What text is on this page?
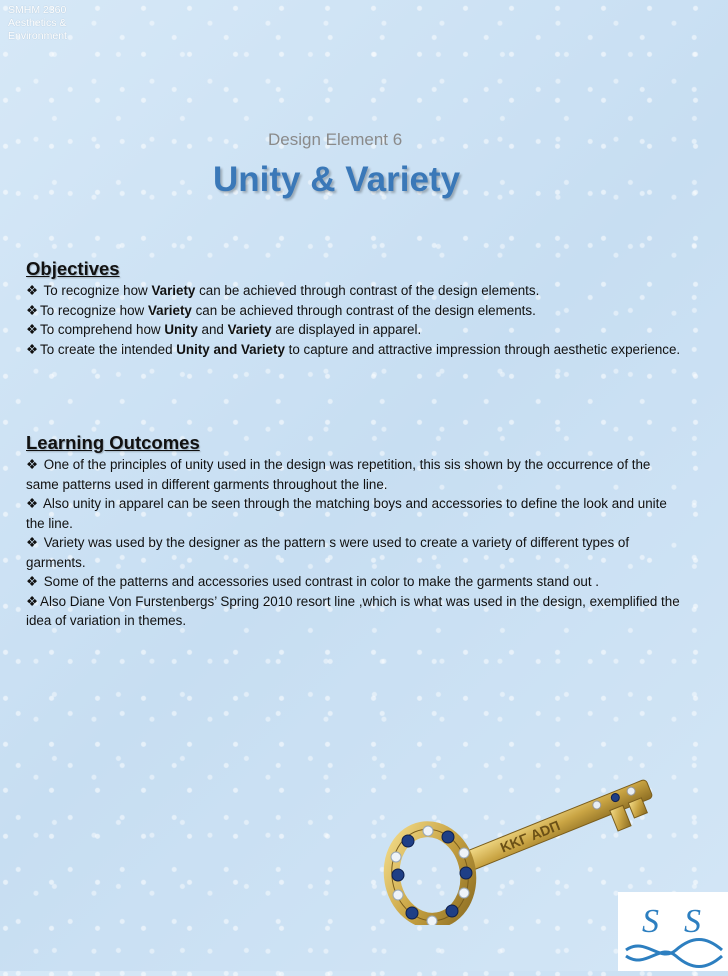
SMHM 2360 Aesthetics & Environment
Design Element 6
Unity & Variety
Objectives
❖ To recognize how Variety can be achieved through contrast of the design elements.
❖ To recognize how Variety can be achieved through contrast of the design elements.
❖ To comprehend how Unity and Variety are displayed in apparel.
❖ To create the intended Unity and Variety to capture and attractive impression through aesthetic experience.
Learning Outcomes
❖ One of the principles of unity used in the design was repetition, this sis shown by the occurrence of the same patterns used in different garments throughout the line.
❖ Also unity in apparel can be seen through the matching boys and accessories to define the look and unite the line.
❖ Variety was used by the designer as the pattern s were used to create a variety of different types of garments.
❖ Some of the patterns and accessories used contrast in color to make the garments stand out .
❖ Also Diane Von Furstenbergs’ Spring 2010 resort line ,which is what was used in the design, exemplified the idea of variation in themes.
KKΓ ADΠ
S S
